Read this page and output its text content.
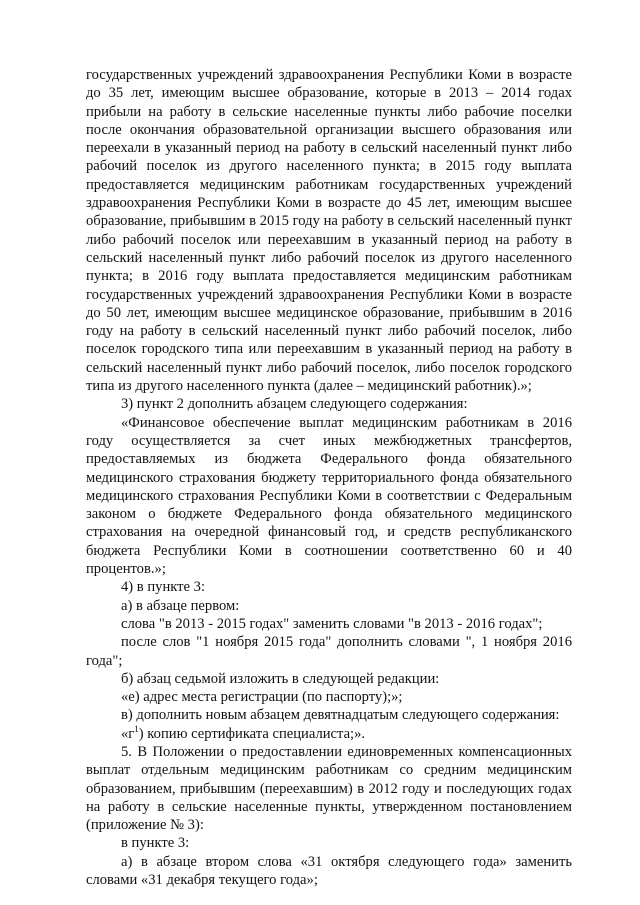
государственных учреждений здравоохранения Республики Коми в возрасте до 35 лет, имеющим высшее образование, которые в 2013 – 2014 годах прибыли на работу в сельские населенные пункты либо рабочие поселки после окончания образовательной организации высшего образования или переехали в указанный период на работу в сельский населенный пункт либо рабочий поселок из другого населенного пункта; в 2015 году выплата предоставляется медицинским работникам государственных учреждений здравоохранения Республики Коми в возрасте до 45 лет, имеющим высшее образование, прибывшим в 2015 году на работу в сельский населенный пункт либо рабочий поселок или переехавшим в указанный период на работу в сельский населенный пункт либо рабочий поселок из другого населенного пункта; в 2016 году выплата предоставляется медицинским работникам государственных учреждений здравоохранения Республики Коми в возрасте до 50 лет, имеющим высшее медицинское образование, прибывшим в 2016 году на работу в сельский населенный пункт либо рабочий поселок, либо поселок городского типа или переехавшим в указанный период на работу в сельский населенный пункт либо рабочий поселок, либо поселок городского типа из другого населенного пункта (далее – медицинский работник).»;

3) пункт 2 дополнить абзацем следующего содержания:

«Финансовое обеспечение выплат медицинским работникам в 2016 году осуществляется за счет иных межбюджетных трансфертов, предоставляемых из бюджета Федерального фонда обязательного медицинского страхования бюджету территориального фонда обязательного медицинского страхования Республики Коми в соответствии с Федеральным законом о бюджете Федерального фонда обязательного медицинского страхования на очередной финансовый год, и средств республиканского бюджета Республики Коми в соотношении соответственно 60 и 40 процентов.»;

4) в пункте 3:

а) в абзаце первом:

слова "в 2013 - 2015 годах" заменить словами "в 2013 - 2016 годах";

после слов "1 ноября 2015 года" дополнить словами ", 1 ноября 2016 года";

б) абзац седьмой изложить в следующей редакции:

«е) адрес места регистрации (по паспорту);»;

в) дополнить новым абзацем девятнадцатым следующего содержания:

«$г^1$) копию сертификата специалиста;».

5. В Положении о предоставлении единовременных компенсационных выплат отдельным медицинским работникам со средним медицинским образованием, прибывшим (переехавшим) в 2012 году и последующих годах на работу в сельские населенные пункты, утвержденном постановлением (приложение № 3):

в пункте 3:

а) в абзаце втором слова «31 октября следующего года» заменить словами «31 декабря текущего года»;
